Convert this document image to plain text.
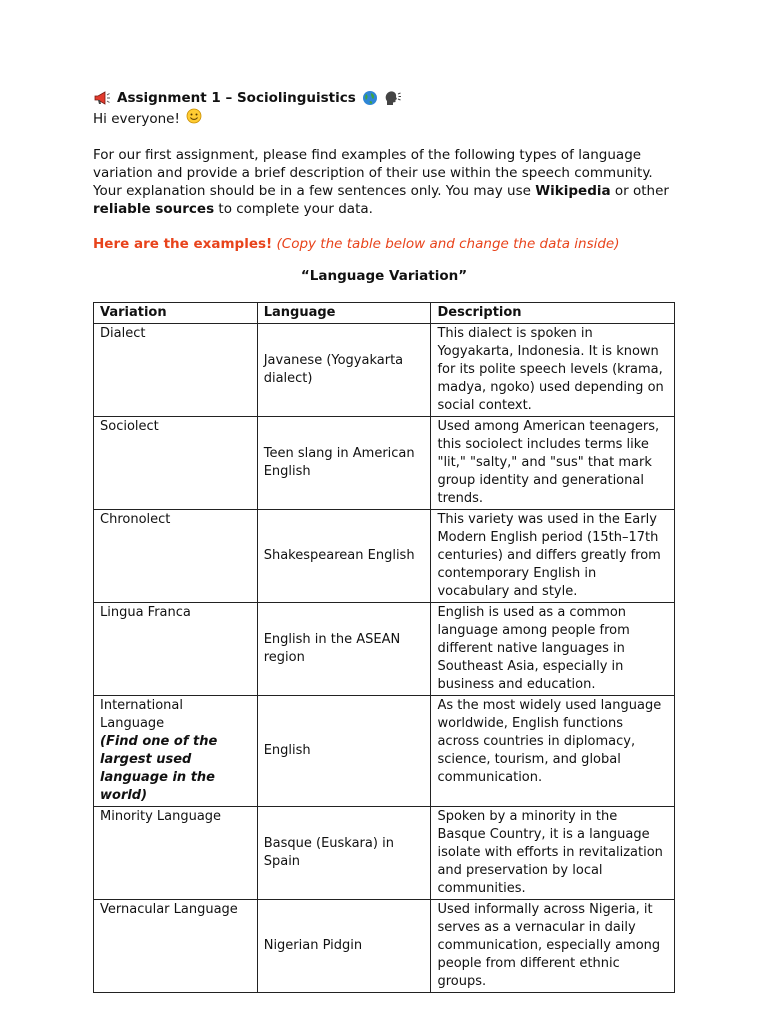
Assignment 1 – Sociolinguistics
Hi everyone!

For our first assignment, please find examples of the following types of language variation and provide a brief description of their use within the speech community. Your explanation should be in a few sentences only. You may use Wikipedia or other reliable sources to complete your data.

Here are the examples! (Copy the table below and change the data inside)
“Language Variation”
Variation	Language	Description
Dialect	Javanese (Yogyakarta dialect)	This dialect is spoken in Yogyakarta, Indonesia. It is known for its polite speech levels (krama, madya, ngoko) used depending on social context.
Sociolect	Teen slang in American English	Used among American teenagers, this sociolect includes terms like "lit," "salty," and "sus" that mark group identity and generational trends.
Chronolect	Shakespearean English	This variety was used in the Early Modern English period (15th–17th centuries) and differs greatly from contemporary English in vocabulary and style.
Lingua Franca	English in the ASEAN region	English is used as a common language among people from different native languages in Southeast Asia, especially in business and education.

International Language
(Find one of the largest used language in the world)	English	As the most widely used language worldwide, English functions across countries in diplomacy, science, tourism, and global communication.
Minority Language	Basque (Euskara) in Spain	Spoken by a minority in the Basque Country, it is a language isolate with efforts in revitalization and preservation by local communities.
Vernacular Language	Nigerian Pidgin	Used informally across Nigeria, it serves as a vernacular in daily communication, especially among people from different ethnic groups.
